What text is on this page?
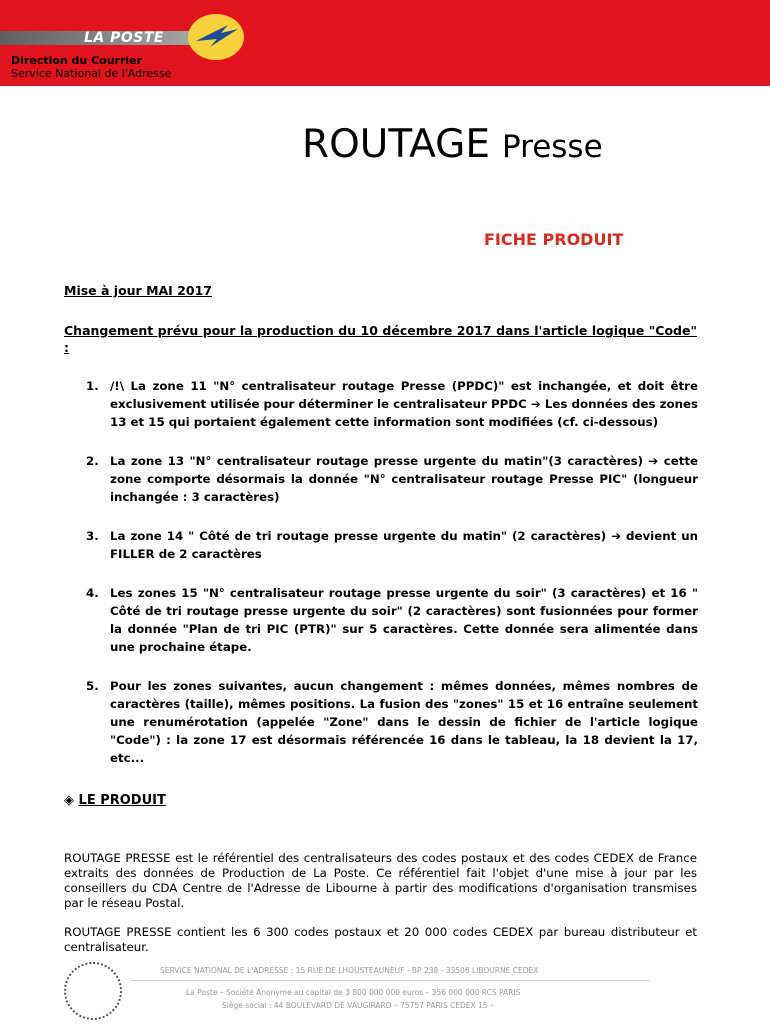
LA POSTE
Direction du Courrier
Service National de l'Adresse
ROUTAGE Presse
FICHE PRODUIT
Mise à jour MAI 2017
Changement prévu pour la production du 10 décembre 2017 dans l'article logique "Code" :
1. /!\ La zone 11 "N° centralisateur routage Presse (PPDC)" est inchangée, et doit être exclusivement utilisée pour déterminer le centralisateur PPDC ➔ Les données des zones 13 et 15 qui portaient également cette information sont modifiées (cf. ci-dessous)
2. La zone 13 "N° centralisateur routage presse urgente du matin"(3 caractères) ➔ cette zone comporte désormais la donnée "N° centralisateur routage Presse PIC" (longueur inchangée : 3 caractères)
3. La zone 14 " Côté de tri routage presse urgente du matin" (2 caractères) ➔ devient un FILLER de 2 caractères
4. Les zones 15 "N° centralisateur routage presse urgente du soir" (3 caractères) et 16 " Côté de tri routage presse urgente du soir" (2 caractères) sont fusionnées pour former la donnée "Plan de tri PIC (PTR)" sur 5 caractères. Cette donnée sera alimentée dans une prochaine étape.
5. Pour les zones suivantes, aucun changement : mêmes données, mêmes nombres de caractères (taille), mêmes positions. La fusion des "zones" 15 et 16 entraîne seulement une renumérotation (appelée "Zone" dans le dessin de fichier de l'article logique "Code") : la zone 17 est désormais référencée 16 dans le tableau, la 18 devient la 17, etc...
◈ LE PRODUIT
ROUTAGE PRESSE est le référentiel des centralisateurs des codes postaux et des codes CEDEX de France extraits des données de Production de La Poste. Ce référentiel fait l'objet d'une mise à jour par les conseillers du CDA Centre de l'Adresse de Libourne à partir des modifications d'organisation transmises par le réseau Postal.
ROUTAGE PRESSE contient les 6 300 codes postaux et 20 000 codes CEDEX par bureau distributeur et centralisateur.
SERVICE NATIONAL DE L'ADRESSE : 15 RUE DE LHOUSTEAUNEUF - BP 238 - 33506 LIBOURNE CEDEX
La Poste – Société Anonyme au capital de 3 800 000 000 euros – 356 000 000 RCS PARIS
Siège social : 44 BOULEVARD DE VAUGIRARD – 75757 PARIS CEDEX 15 –
